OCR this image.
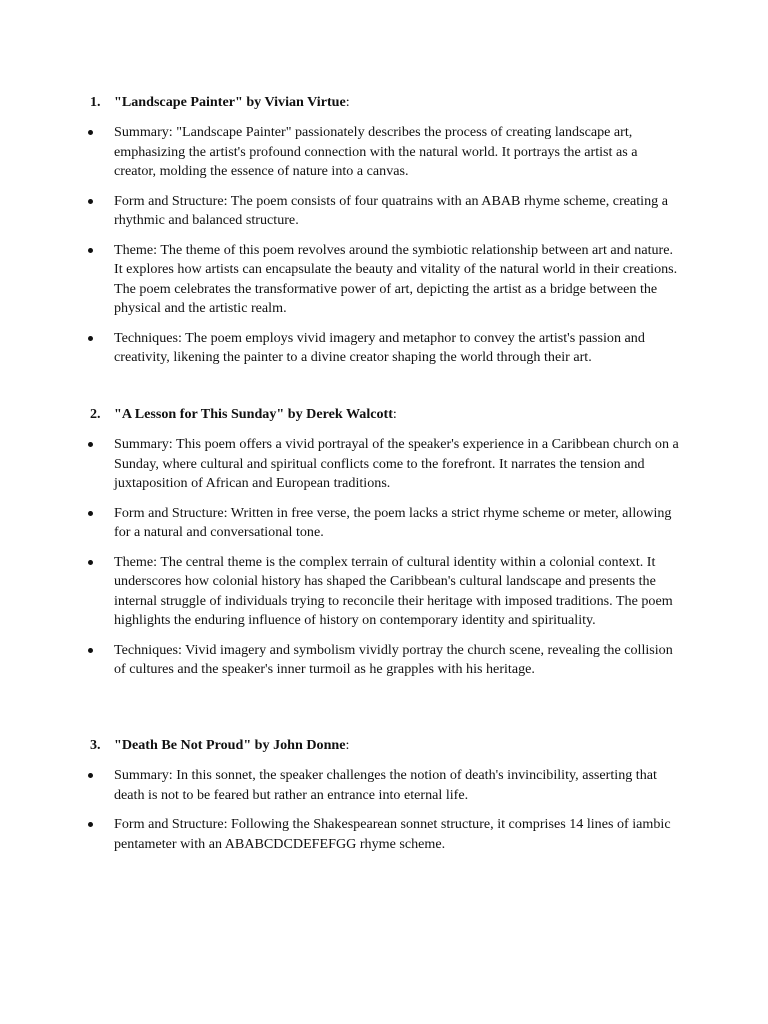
1. "Landscape Painter" by Vivian Virtue:
Summary: "Landscape Painter" passionately describes the process of creating landscape art, emphasizing the artist's profound connection with the natural world. It portrays the artist as a creator, molding the essence of nature into a canvas.
Form and Structure: The poem consists of four quatrains with an ABAB rhyme scheme, creating a rhythmic and balanced structure.
Theme: The theme of this poem revolves around the symbiotic relationship between art and nature. It explores how artists can encapsulate the beauty and vitality of the natural world in their creations. The poem celebrates the transformative power of art, depicting the artist as a bridge between the physical and the artistic realm.
Techniques: The poem employs vivid imagery and metaphor to convey the artist's passion and creativity, likening the painter to a divine creator shaping the world through their art.
2. "A Lesson for This Sunday" by Derek Walcott:
Summary: This poem offers a vivid portrayal of the speaker's experience in a Caribbean church on a Sunday, where cultural and spiritual conflicts come to the forefront. It narrates the tension and juxtaposition of African and European traditions.
Form and Structure: Written in free verse, the poem lacks a strict rhyme scheme or meter, allowing for a natural and conversational tone.
Theme: The central theme is the complex terrain of cultural identity within a colonial context. It underscores how colonial history has shaped the Caribbean's cultural landscape and presents the internal struggle of individuals trying to reconcile their heritage with imposed traditions. The poem highlights the enduring influence of history on contemporary identity and spirituality.
Techniques: Vivid imagery and symbolism vividly portray the church scene, revealing the collision of cultures and the speaker's inner turmoil as he grapples with his heritage.
3. "Death Be Not Proud" by John Donne:
Summary: In this sonnet, the speaker challenges the notion of death's invincibility, asserting that death is not to be feared but rather an entrance into eternal life.
Form and Structure: Following the Shakespearean sonnet structure, it comprises 14 lines of iambic pentameter with an ABABCDCDEFEFGG rhyme scheme.
